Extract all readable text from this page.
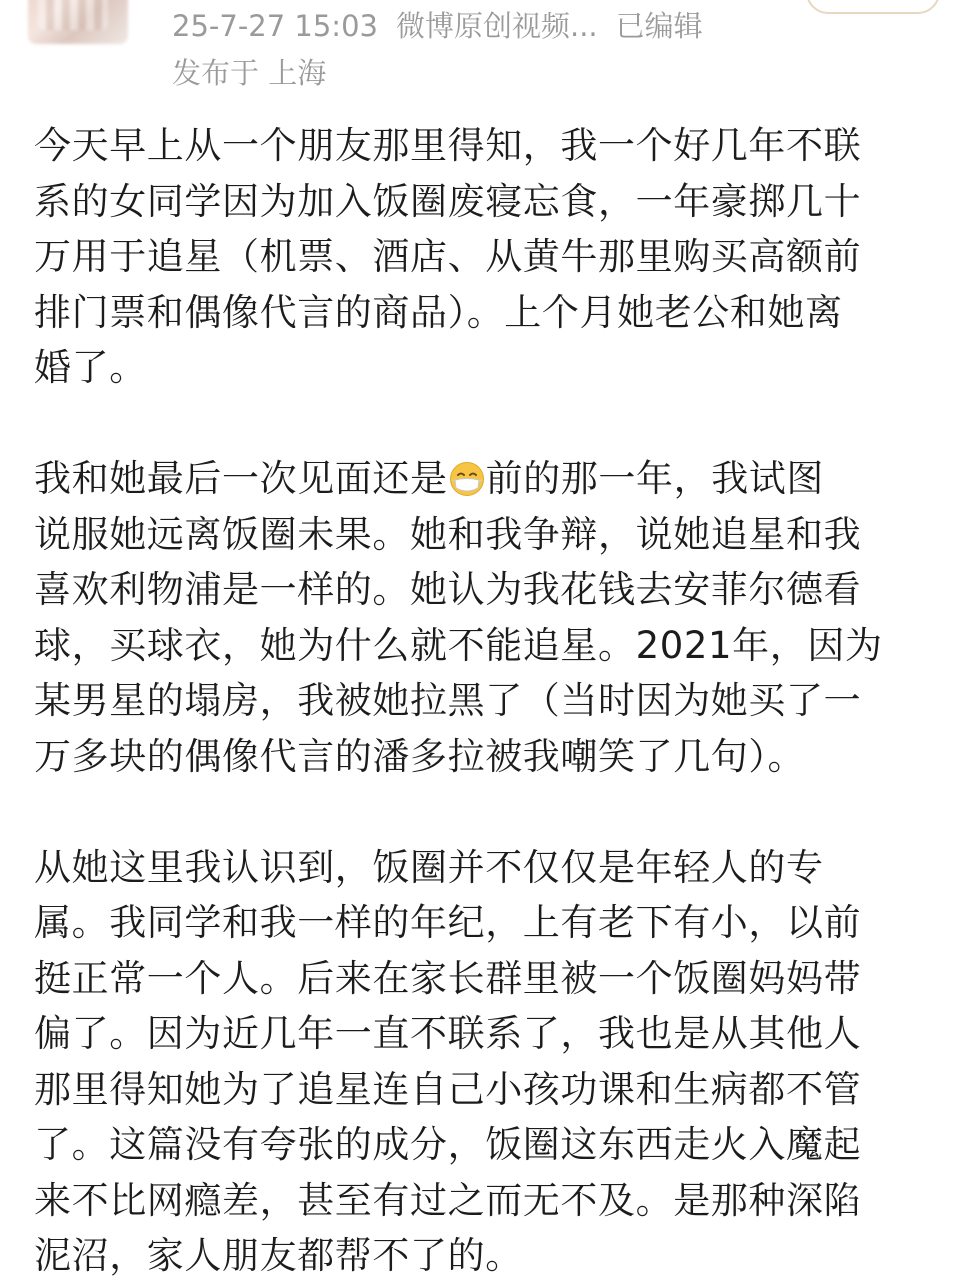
25-7-27 15:03 微博原创视频... 已编辑
发布于 上海
今天早上从一个朋友那里得知，我一个好几年不联
系的女同学因为加入饭圈废寝忘食，一年豪掷几十
万用于追星（机票、酒店、从黄牛那里购买高额前
排门票和偶像代言的商品）。上个月她老公和她离
婚了。
我和她最后一次见面还是 前的那一年，我试图
说服她远离饭圈未果。她和我争辩，说她追星和我
喜欢利物浦是一样的。她认为我花钱去安菲尔德看
球，买球衣，她为什么就不能追星。2021年，因为
某男星的塌房，我被她拉黑了（当时因为她买了一
万多块的偶像代言的潘多拉被我嘲笑了几句）。
从她这里我认识到，饭圈并不仅仅是年轻人的专
属。我同学和我一样的年纪，上有老下有小，以前
挺正常一个人。后来在家长群里被一个饭圈妈妈带
偏了。因为近几年一直不联系了，我也是从其他人
那里得知她为了追星连自己小孩功课和生病都不管
了。这篇没有夸张的成分，饭圈这东西走火入魔起
来不比网瘾差，甚至有过之而无不及。是那种深陷
泥沼，家人朋友都帮不了的。
